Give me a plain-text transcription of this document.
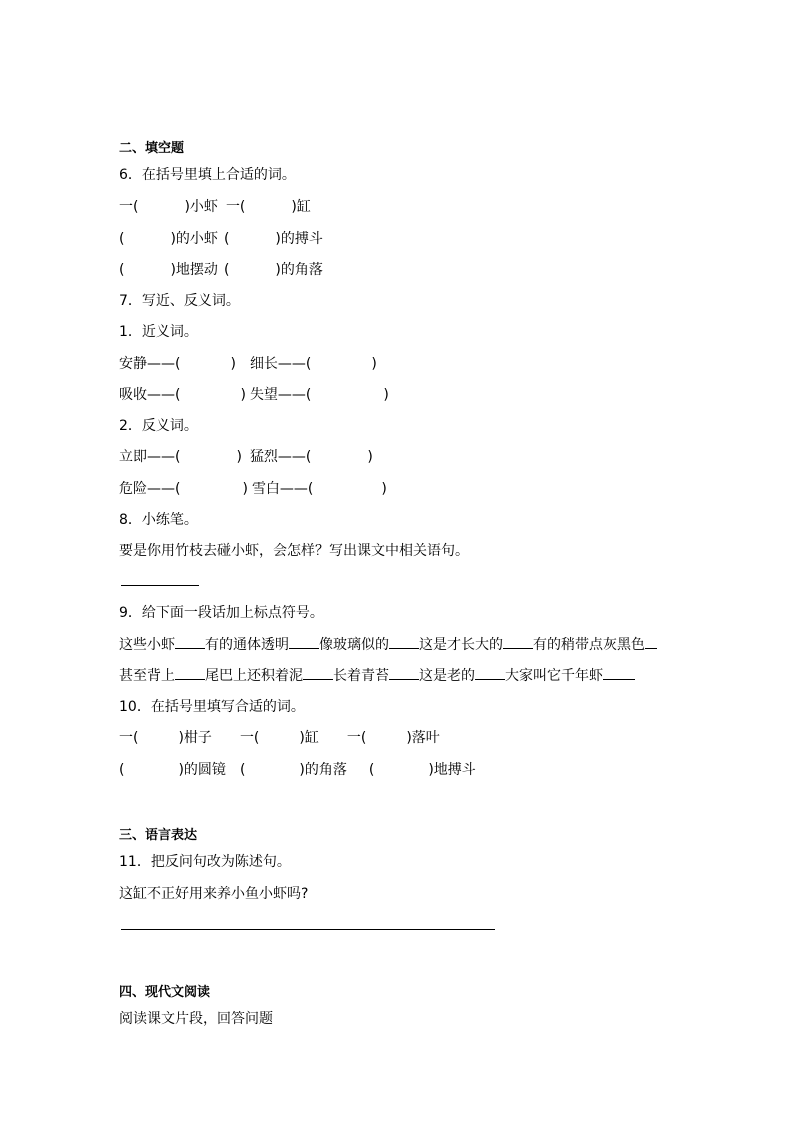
二、填空题
6．在括号里填上合适的词。
一(	)小虾 一(	)缸
(	)的小虾 (	)的搏斗
(	)地摆动 (	)的角落
7．写近、反义词。
1．近义词。
安静——(	) 细长——(	)
吸收——(	) 失望——(	)
2．反义词。
立即——(	) 猛烈——(	)
危险——(	) 雪白——(	)
8．小练笔。
要是你用竹枝去碰小虾，会怎样？写出课文中相关语句。
9．给下面一段话加上标点符号。
这些小虾 有的通体透明 像玻璃似的 这是才长大的 有的稍带点灰黑色
甚至背上 尾巴上还积着泥 长着青苔 这是老的 大家叫它千年虾
10．在括号里填写合适的词。
一(	)柑子 一(	)缸 一(	)落叶
(	)的圆镜 (	)的角落 (	)地搏斗
三、语言表达
11．把反问句改为陈述句。
这缸不正好用来养小鱼小虾吗?
四、现代文阅读
阅读课文片段，回答问题
